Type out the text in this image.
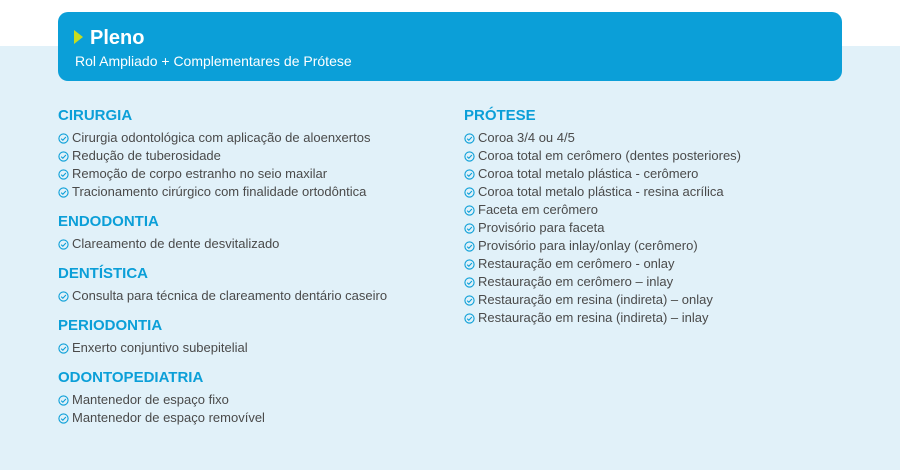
Pleno
Rol Ampliado + Complementares de Prótese
CIRURGIA
Cirurgia odontológica com aplicação de aloenxertos
Redução de tuberosidade
Remoção de corpo estranho no seio maxilar
Tracionamento cirúrgico com finalidade ortodôntica
ENDODONTIA
Clareamento de dente desvitalizado
DENTÍSTICA
Consulta para técnica de clareamento dentário caseiro
PERIODONTIA
Enxerto conjuntivo subepitelial
ODONTOPEDIATRIA
Mantenedor de espaço fixo
Mantenedor de espaço removível
PRÓTESE
Coroa 3/4 ou 4/5
Coroa total em cerômero (dentes posteriores)
Coroa total metalo plástica - cerômero
Coroa total metalo plástica - resina acrílica
Faceta em cerômero
Provisório para faceta
Provisório para inlay/onlay (cerômero)
Restauração em cerômero - onlay
Restauração em cerômero – inlay
Restauração em resina (indireta) – onlay
Restauração em resina (indireta) – inlay
